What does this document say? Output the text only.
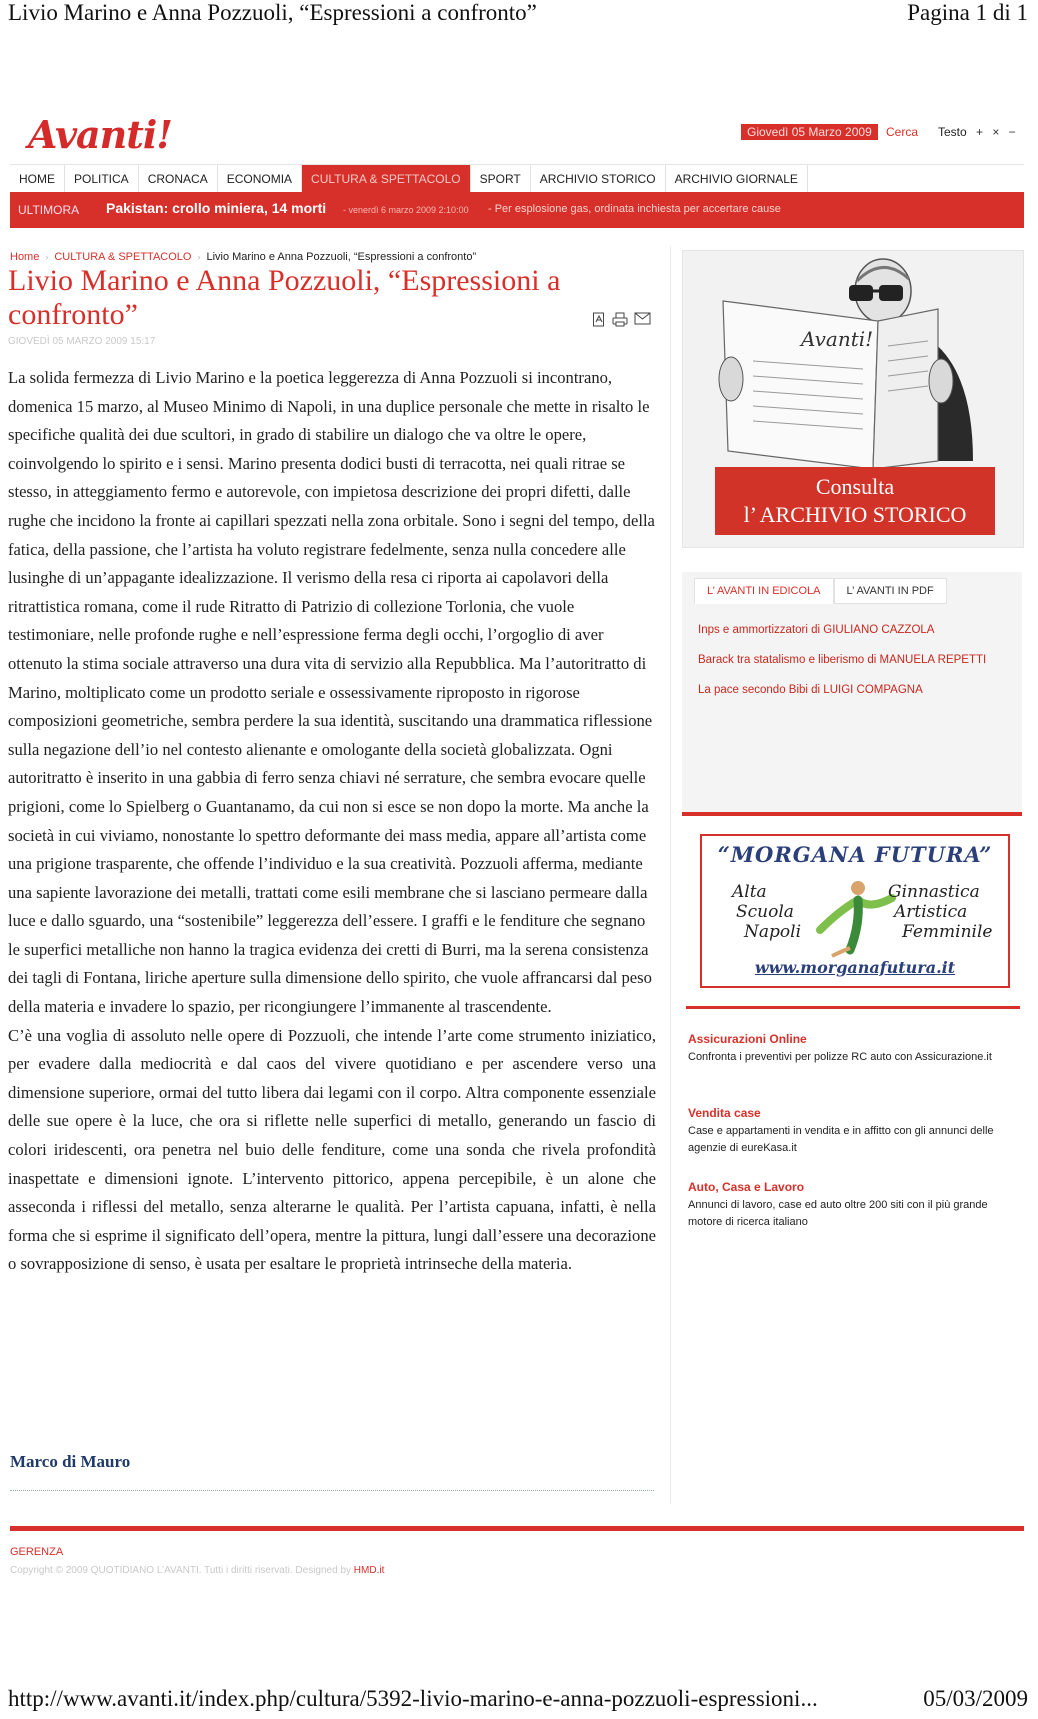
Livio Marino e Anna Pozzuoli, “Espressioni a confronto”	Pagina 1 di 1
Avanti!	Giovedì 05 Marzo 2009	Cerca Testo + × −
HOME	POLITICA	CRONACA	ECONOMIA	CULTURA & SPETTACOLO	SPORT	ARCHIVIO STORICO	ARCHIVIO GIORNALE
ULTIMORA Pakistan: crollo miniera, 14 morti - venerdì 6 marzo 2009 2:10:00 - Per esplosione gas, ordinata inchiesta per accertare cause
Home › CULTURA & SPETTACOLO › Livio Marino e Anna Pozzuoli, “Espressioni a confronto”
Livio Marino e Anna Pozzuoli, “Espressioni a confronto”
GIOVEDÌ 05 MARZO 2009 15:17

La solida fermezza di Livio Marino e la poetica leggerezza di Anna Pozzuoli si incontrano, domenica 15 marzo, al Museo Minimo di Napoli, in una duplice personale che mette in risalto le specifiche qualità dei due scultori, in grado di stabilire un dialogo che va oltre le opere, coinvolgendo lo spirito e i sensi. Marino presenta dodici busti di terracotta, nei quali ritrae se stesso, in atteggiamento fermo e autorevole, con impietosa descrizione dei propri difetti, dalle rughe che incidono la fronte ai capillari spezzati nella zona orbitale. Sono i segni del tempo, della fatica, della passione, che l’artista ha voluto registrare fedelmente, senza nulla concedere alle lusinghe di un’appagante idealizzazione. Il verismo della resa ci riporta ai capolavori della ritrattistica romana, come il rude Ritratto di Patrizio di collezione Torlonia, che vuole testimoniare, nelle profonde rughe e nell’espressione ferma degli occhi, l’orgoglio di aver ottenuto la stima sociale attraverso una dura vita di servizio alla Repubblica. Ma l’autoritratto di Marino, moltiplicato come un prodotto seriale e ossessivamente riproposto in rigorose composizioni geometriche, sembra perdere la sua identità, suscitando una drammatica riflessione sulla negazione dell’io nel contesto alienante e omologante della società globalizzata. Ogni autoritratto è inserito in una gabbia di ferro senza chiavi né serrature, che sembra evocare quelle prigioni, come lo Spielberg o Guantanamo, da cui non si esce se non dopo la morte. Ma anche la società in cui viviamo, nonostante lo spettro deformante dei mass media, appare all’artista come una prigione trasparente, che offende l’individuo e la sua creatività. Pozzuoli afferma, mediante una sapiente lavorazione dei metalli, trattati come esili membrane che si lasciano permeare dalla luce e dallo sguardo, una “sostenibile” leggerezza dell’essere. I graffi e le fenditure che segnano le superfici metalliche non hanno la tragica evidenza dei cretti di Burri, ma la serena consistenza dei tagli di Fontana, liriche aperture sulla dimensione dello spirito, che vuole affrancarsi dal peso della materia e invadere lo spazio, per ricongiungere l’immanente al trascendente.

C’è una voglia di assoluto nelle opere di Pozzuoli, che intende l’arte come strumento iniziatico, per evadere dalla mediocrità e dal caos del vivere quotidiano e per ascendere verso una dimensione superiore, ormai del tutto libera dai legami con il corpo. Altra componente essenziale delle sue opere è la luce, che ora si riflette nelle superfici di metallo, generando un fascio di colori iridescenti, ora penetra nel buio delle fenditure, come una sonda che rivela profondità inaspettate e dimensioni ignote. L’intervento pittorico, appena percepibile, è un alone che asseconda i riflessi del metallo, senza alterarne le qualità. Per l’artista capuana, infatti, è nella forma che si esprime il significato dell’opera, mentre la pittura, lungi dall’essere una decorazione o sovrapposizione di senso, è usata per esaltare le proprietà intrinseche della materia.

Marco di Mauro
Avanti!
Consulta
l’ ARCHIVIO STORICO
L’ AVANTI IN EDICOLA	L’ AVANTI IN PDF
Inps e ammortizzatori di GIULIANO CAZZOLA
Barack tra statalismo e liberismo di MANUELA REPETTI
La pace secondo Bibi di LUIGI COMPAGNA
“MORGANA FUTURA”
Alta
Scuola
Napoli
Ginnastica
Artistica
Femminile
www.morganafutura.it
Assicurazioni Online
Confronta i preventivi per polizze RC auto con Assicurazione.it
Vendita case
Case e appartamenti in vendita e in affitto con gli annunci delle agenzie di eureKasa.it
Auto, Casa e Lavoro
Annunci di lavoro, case ed auto oltre 200 siti con il più grande motore di ricerca italiano
GERENZA
Copyright © 2009 QUOTIDIANO L’AVANTI. Tutti i diritti riservati. Designed by HMD.it
http://www.avanti.it/index.php/cultura/5392-livio-marino-e-anna-pozzuoli-espressioni...	05/03/2009
